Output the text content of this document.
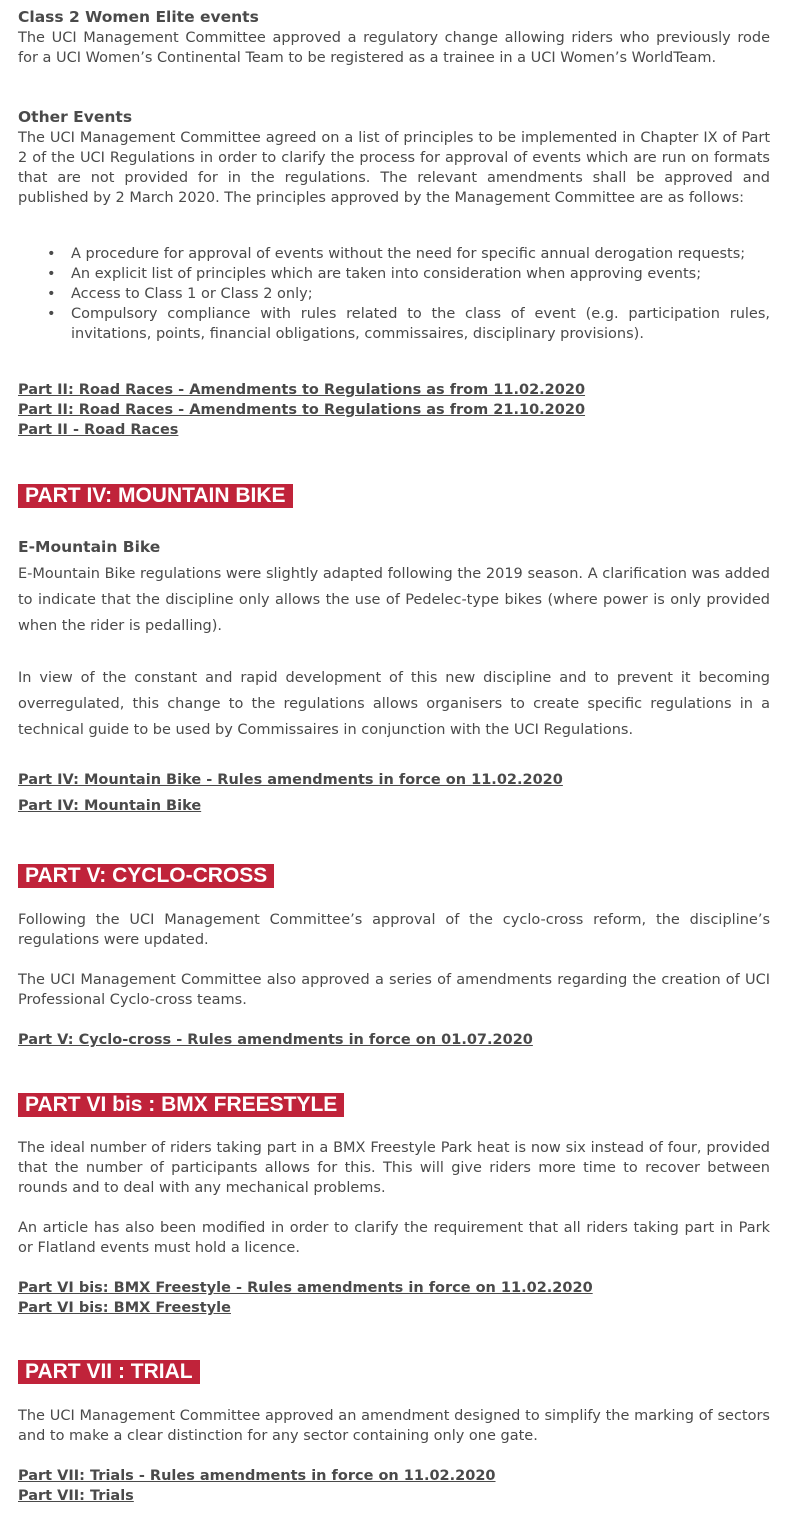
Class 2 Women Elite events

The UCI Management Committee approved a regulatory change allowing riders who previously rode for a UCI Women’s Continental Team to be registered as a trainee in a UCI Women’s WorldTeam.

Other Events

The UCI Management Committee agreed on a list of principles to be implemented in Chapter IX of Part 2 of the UCI Regulations in order to clarify the process for approval of events which are run on formats that are not provided for in the regulations. The relevant amendments shall be approved and published by 2 March 2020. The principles approved by the Management Committee are as follows:

• A procedure for approval of events without the need for specific annual derogation requests;
• An explicit list of principles which are taken into consideration when approving events;
• Access to Class 1 or Class 2 only;
• Compulsory compliance with rules related to the class of event (e.g. participation rules, invitations, points, financial obligations, commissaires, disciplinary provisions).
Part II: Road Races - Amendments to Regulations as from 11.02.2020
Part II: Road Races - Amendments to Regulations as from 21.10.2020
Part II - Road Races
PART IV: MOUNTAIN BIKE
E-Mountain Bike

E-Mountain Bike regulations were slightly adapted following the 2019 season. A clarification was added to indicate that the discipline only allows the use of Pedelec-type bikes (where power is only provided when the rider is pedalling).

In view of the constant and rapid development of this new discipline and to prevent it becoming overregulated, this change to the regulations allows organisers to create specific regulations in a technical guide to be used by Commissaires in conjunction with the UCI Regulations.

Part IV: Mountain Bike - Rules amendments in force on 11.02.2020
Part IV: Mountain Bike
PART V: CYCLO-CROSS

Following the UCI Management Committee’s approval of the cyclo-cross reform, the discipline’s regulations were updated.

The UCI Management Committee also approved a series of amendments regarding the creation of UCI Professional Cyclo-cross teams.

Part V: Cyclo-cross - Rules amendments in force on 01.07.2020
PART VI bis : BMX FREESTYLE

The ideal number of riders taking part in a BMX Freestyle Park heat is now six instead of four, provided that the number of participants allows for this. This will give riders more time to recover between rounds and to deal with any mechanical problems.

An article has also been modified in order to clarify the requirement that all riders taking part in Park or Flatland events must hold a licence.

Part VI bis: BMX Freestyle - Rules amendments in force on 11.02.2020
Part VI bis: BMX Freestyle
PART VII : TRIAL

The UCI Management Committee approved an amendment designed to simplify the marking of sectors and to make a clear distinction for any sector containing only one gate.

Part VII: Trials - Rules amendments in force on 11.02.2020
Part VII: Trials
